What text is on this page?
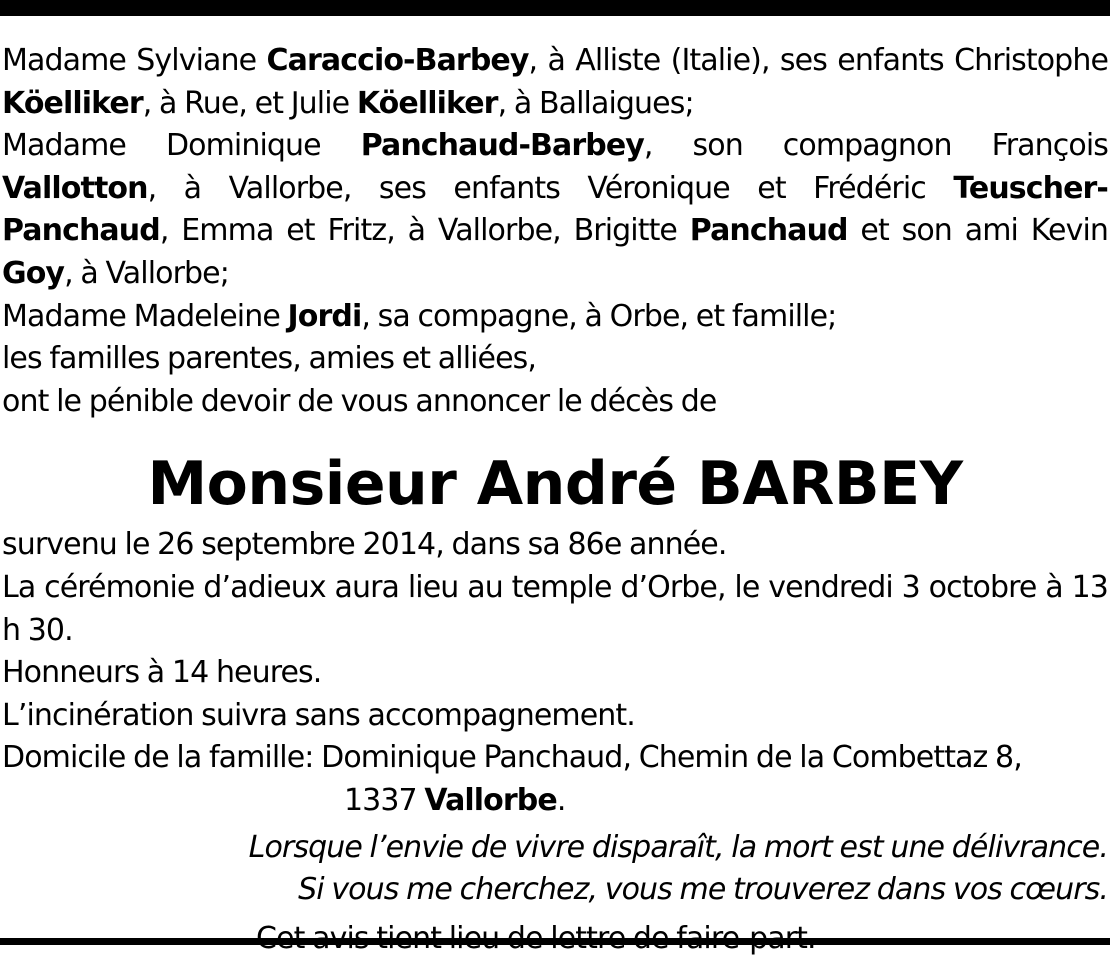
Madame Sylviane Caraccio-Barbey, à Alliste (Italie), ses enfants Christophe Köelliker, à Rue, et Julie Köelliker, à Ballaigues;

Madame Dominique Panchaud-Barbey, son compagnon François Vallotton, à Vallorbe, ses enfants Véronique et Frédéric Teuscher-Panchaud, Emma et Fritz, à Vallorbe, Brigitte Panchaud et son ami Kevin Goy, à Vallorbe;

Madame Madeleine Jordi, sa compagne, à Orbe, et famille;

les familles parentes, amies et alliées,

ont le pénible devoir de vous annoncer le décès de

Monsieur André BARBEY

survenu le 26 septembre 2014, dans sa 86e année.

La cérémonie d’adieux aura lieu au temple d’Orbe, le vendredi 3 octobre à 13 h 30.

Honneurs à 14 heures.

L’incinération suivra sans accompagnement.

Domicile de la famille: Dominique Panchaud, Chemin de la Combettaz 8,

1337 Vallorbe.

Lorsque l’envie de vivre disparaît, la mort est une délivrance.

Si vous me cherchez, vous me trouverez dans vos cœurs.
